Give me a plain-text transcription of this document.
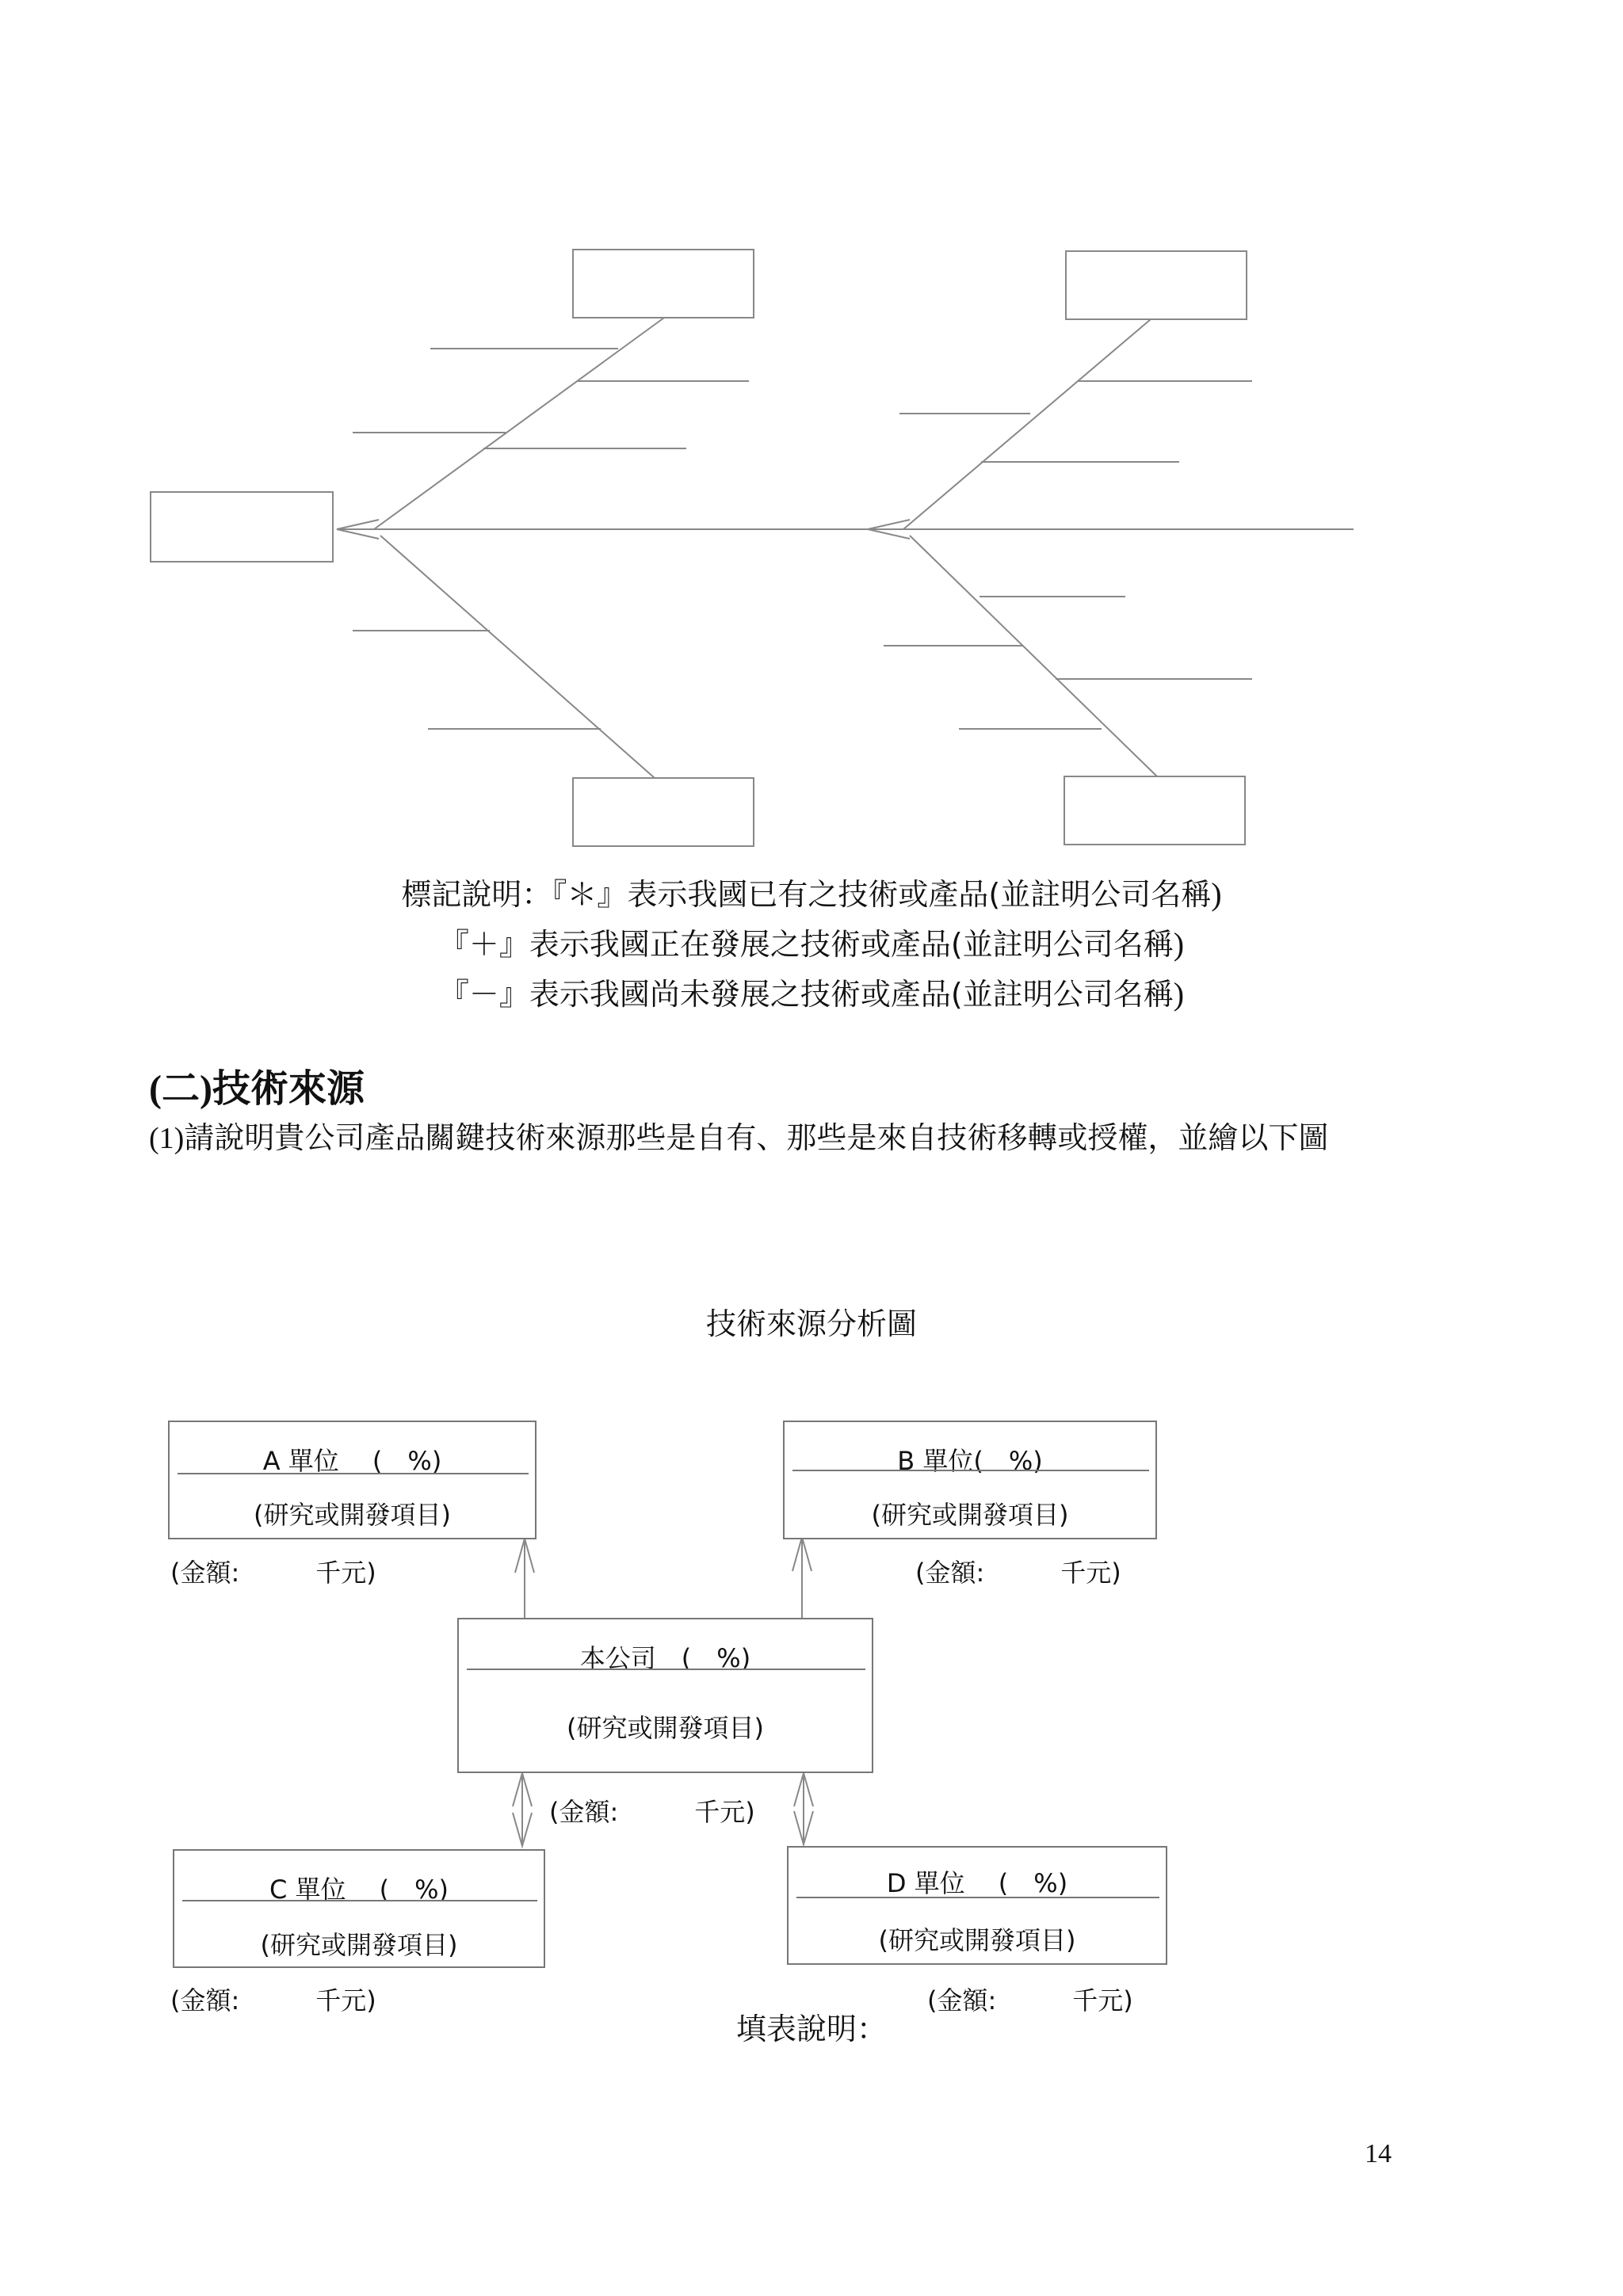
標記說明：『＊』表示我國已有之技術或產品(並註明公司名稱)
『＋』表示我國正在發展之技術或產品(並註明公司名稱)
『－』表示我國尚未發展之技術或產品(並註明公司名稱)
(二)技術來源
(1)請說明貴公司產品關鍵技術來源那些是自有、那些是來自技術移轉或授權，並繪以下圖
技術來源分析圖
A 單位　 (　%)
(研究或開發項目)
(金額:　　　千元)
B 單位(　%)
(研究或開發項目)
(金額:　　　千元)
本公司　(　%)
(研究或開發項目)
(金額:　　　千元)
C 單位　 (　%)
(研究或開發項目)
(金額:　　　千元)
D 單位　 (　%)
(研究或開發項目)
(金額:　　　千元)
填表說明：
14
